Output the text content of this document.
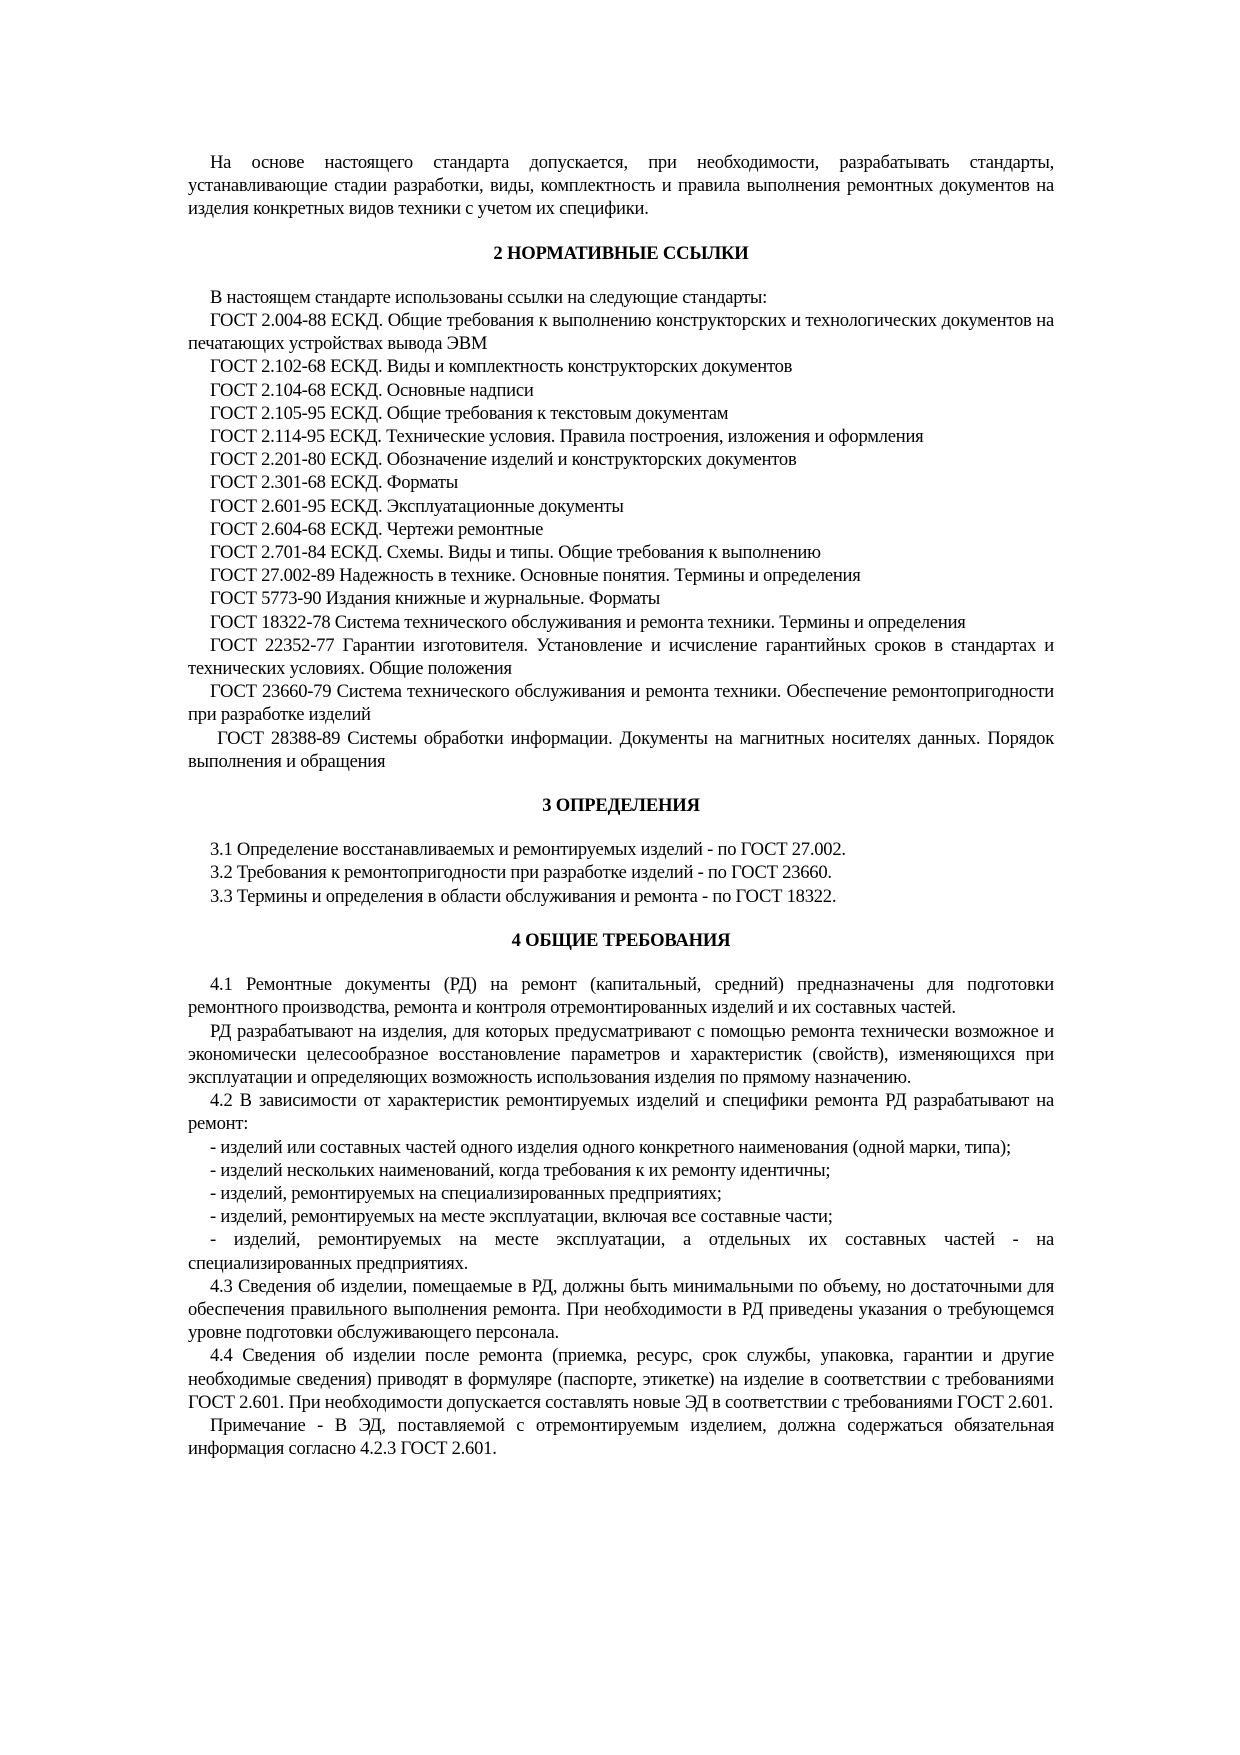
На основе настоящего стандарта допускается, при необходимости, разрабатывать стандарты, устанавливающие стадии разработки, виды, комплектность и правила выполнения ремонтных документов на изделия конкретных видов техники с учетом их специфики.

2 НОРМАТИВНЫЕ ССЫЛКИ

В настоящем стандарте использованы ссылки на следующие стандарты:

ГОСТ 2.004-88 ЕСКД. Общие требования к выполнению конструкторских и технологических документов на печатающих устройствах вывода ЭВМ

ГОСТ 2.102-68 ЕСКД. Виды и комплектность конструкторских документов

ГОСТ 2.104-68 ЕСКД. Основные надписи

ГОСТ 2.105-95 ЕСКД. Общие требования к текстовым документам

ГОСТ 2.114-95 ЕСКД. Технические условия. Правила построения, изложения и оформления

ГОСТ 2.201-80 ЕСКД. Обозначение изделий и конструкторских документов

ГОСТ 2.301-68 ЕСКД. Форматы

ГОСТ 2.601-95 ЕСКД. Эксплуатационные документы

ГОСТ 2.604-68 ЕСКД. Чертежи ремонтные

ГОСТ 2.701-84 ЕСКД. Схемы. Виды и типы. Общие требования к выполнению

ГОСТ 27.002-89 Надежность в технике. Основные понятия. Термины и определения

ГОСТ 5773-90 Издания книжные и журнальные. Форматы

ГОСТ 18322-78 Система технического обслуживания и ремонта техники. Термины и определения

ГОСТ 22352-77 Гарантии изготовителя. Установление и исчисление гарантийных сроков в стандартах и технических условиях. Общие положения

ГОСТ 23660-79 Система технического обслуживания и ремонта техники. Обеспечение ремонтопригодности при разработке изделий

ГОСТ 28388-89 Системы обработки информации. Документы на магнитных носителях данных. Порядок выполнения и обращения

3 ОПРЕДЕЛЕНИЯ

3.1 Определение восстанавливаемых и ремонтируемых изделий - по ГОСТ 27.002.

3.2 Требования к ремонтопригодности при разработке изделий - по ГОСТ 23660.

3.3 Термины и определения в области обслуживания и ремонта - по ГОСТ 18322.

4 ОБЩИЕ ТРЕБОВАНИЯ

4.1 Ремонтные документы (РД) на ремонт (капитальный, средний) предназначены для подготовки ремонтного производства, ремонта и контроля отремонтированных изделий и их составных частей.

РД разрабатывают на изделия, для которых предусматривают с помощью ремонта технически возможное и экономически целесообразное восстановление параметров и характеристик (свойств), изменяющихся при эксплуатации и определяющих возможность использования изделия по прямому назначению.

4.2 В зависимости от характеристик ремонтируемых изделий и специфики ремонта РД разрабатывают на ремонт:

- изделий или составных частей одного изделия одного конкретного наименования (одной марки, типа);

- изделий нескольких наименований, когда требования к их ремонту идентичны;

- изделий, ремонтируемых на специализированных предприятиях;

- изделий, ремонтируемых на месте эксплуатации, включая все составные части;

- изделий, ремонтируемых на месте эксплуатации, а отдельных их составных частей - на специализированных предприятиях.

4.3 Сведения об изделии, помещаемые в РД, должны быть минимальными по объему, но достаточными для обеспечения правильного выполнения ремонта. При необходимости в РД приведены указания о требующемся уровне подготовки обслуживающего персонала.

4.4 Сведения об изделии после ремонта (приемка, ресурс, срок службы, упаковка, гарантии и другие необходимые сведения) приводят в формуляре (паспорте, этикетке) на изделие в соответствии с требованиями ГОСТ 2.601. При необходимости допускается составлять новые ЭД в соответствии с требованиями ГОСТ 2.601.

Примечание - В ЭД, поставляемой с отремонтируемым изделием, должна содержаться обязательная информация согласно 4.2.3 ГОСТ 2.601.
